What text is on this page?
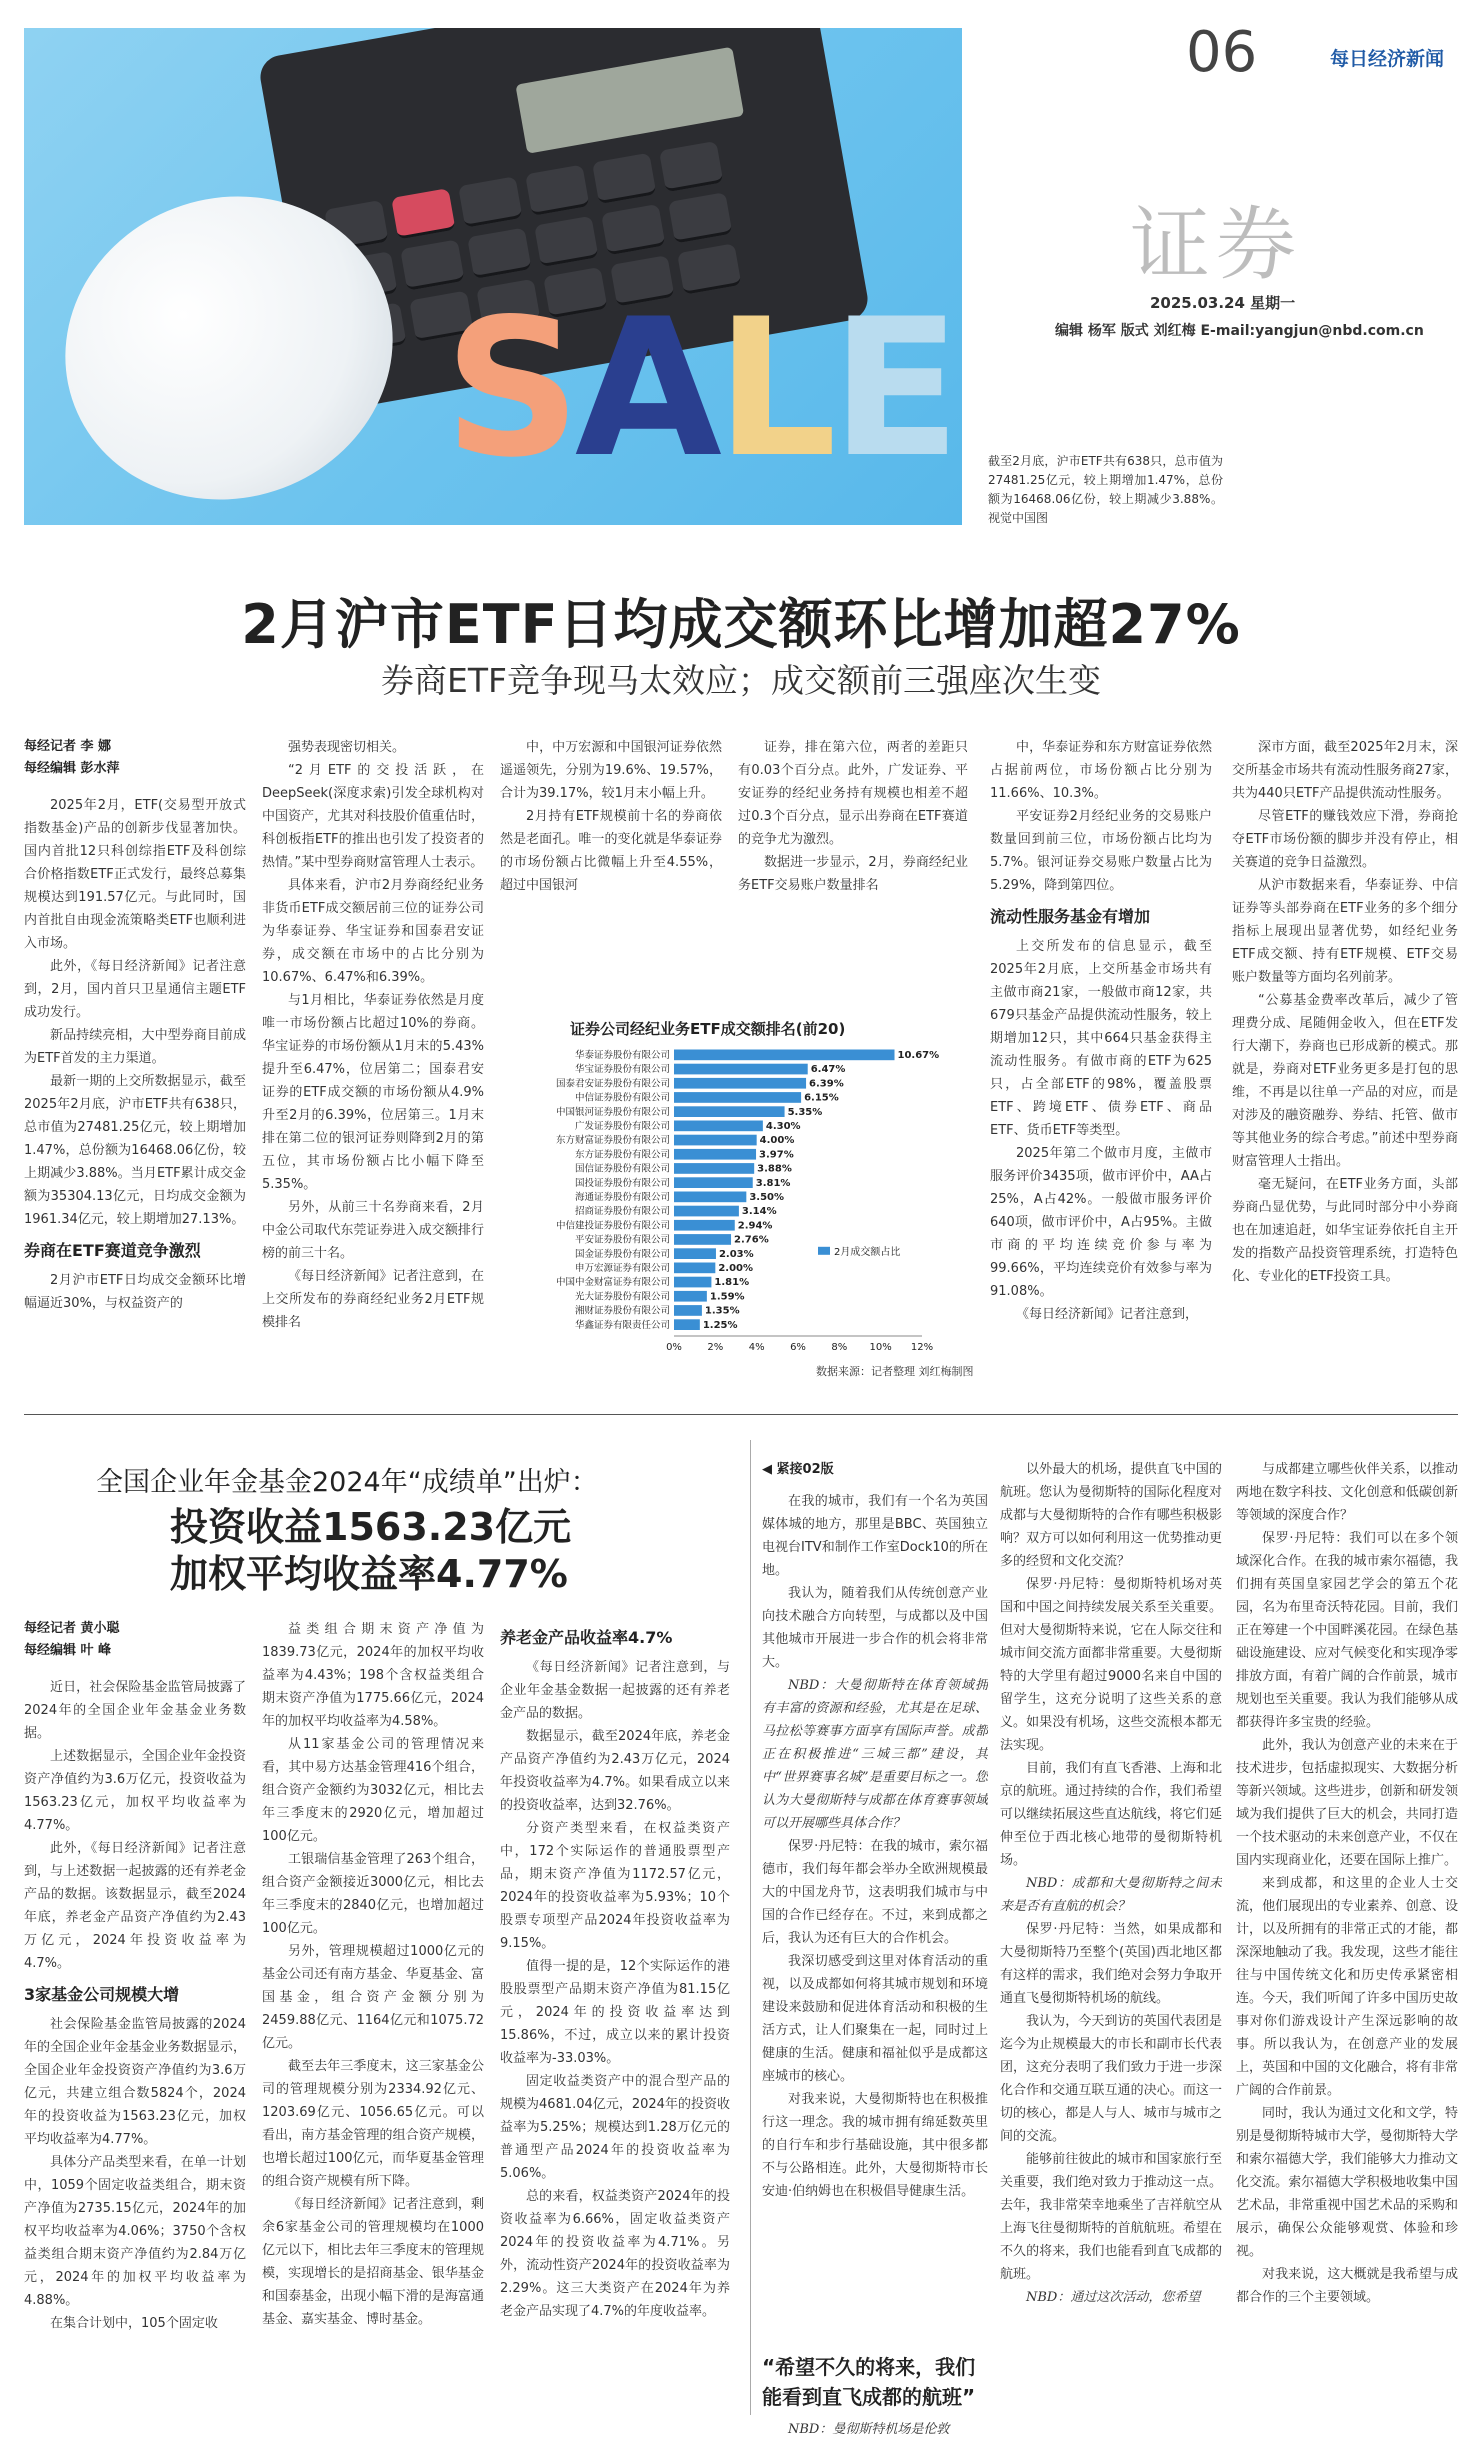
SALE
06	每日经济新闻
证券
2025.03.24 星期一
编辑 杨军 版式 刘红梅 E-mail:yangjun@nbd.com.cn
截至2月底，沪市ETF共有638只，总市值为27481.25亿元，较上期增加1.47%，总份额为16468.06亿份，较上期减少3.88%。 视觉中国图
2月沪市ETF日均成交额环比增加超27%
券商ETF竞争现马太效应；成交额前三强座次生变

每经记者 李 娜

每经编辑 彭水萍

2025年2月，ETF(交易型开放式指数基金)产品的创新步伐显著加快。国内首批12只科创综指ETF及科创综合价格指数ETF正式发行，最终总募集规模达到191.57亿元。与此同时，国内首批自由现金流策略类ETF也顺利进入市场。

此外，《每日经济新闻》记者注意到，2月，国内首只卫星通信主题ETF成功发行。

新品持续亮相，大中型券商目前成为ETF首发的主力渠道。

最新一期的上交所数据显示，截至2025年2月底，沪市ETF共有638只，总市值为27481.25亿元，较上期增加1.47%，总份额为16468.06亿份，较上期减少3.88%。当月ETF累计成交金额为35304.13亿元，日均成交金额为1961.34亿元，较上期增加27.13%。

券商在ETF赛道竞争激烈

2月沪市ETF日均成交金额环比增幅逼近30%，与权益资产的

强势表现密切相关。

“2月ETF的交投活跃，在DeepSeek(深度求索)引发全球机构对中国资产，尤其对科技股价值重估时，科创板指ETF的推出也引发了投资者的热情。”某中型券商财富管理人士表示。

具体来看，沪市2月券商经纪业务非货币ETF成交额居前三位的证券公司为华泰证券、华宝证券和国泰君安证券，成交额在市场中的占比分别为10.67%、6.47%和6.39%。

与1月相比，华泰证券依然是月度唯一市场份额占比超过10%的券商。华宝证券的市场份额从1月末的5.43%提升至6.47%，位居第二；国泰君安证券的ETF成交额的市场份额从4.9%升至2月的6.39%，位居第三。1月末排在第二位的银河证券则降到2月的第五位，其市场份额占比小幅下降至5.35%。

另外，从前三十名券商来看，2月中金公司取代东莞证券进入成交额排行榜的前三十名。

《每日经济新闻》记者注意到，在上交所发布的券商经纪业务2月ETF规模排名

中，中万宏源和中国银河证券依然遥遥领先，分别为19.6%、19.57%，合计为39.17%，较1月末小幅上升。

2月持有ETF规模前十名的券商依然是老面孔。唯一的变化就是华泰证券的市场份额占比微幅上升至4.55%，超过中国银河

证券，排在第六位，两者的差距只有0.03个百分点。此外，广发证券、平安证券的经纪业务持有规模也相差不超过0.3个百分点，显示出券商在ETF赛道的竞争尤为激烈。

数据进一步显示，2月，券商经纪业务ETF交易账户数量排名

中，华泰证券和东方财富证券依然占据前两位，市场份额占比分别为11.66%、10.3%。

平安证券2月经纪业务的交易账户数量回到前三位，市场份额占比均为5.7%。银河证券交易账户数量占比为5.29%，降到第四位。

流动性服务基金有增加

上交所发布的信息显示，截至2025年2月底，上交所基金市场共有主做市商21家，一般做市商12家，共679只基金产品提供流动性服务，较上期增加12只，其中664只基金获得主流动性服务。有做市商的ETF为625只，占全部ETF的98%，覆盖股票ETF、跨境ETF、债券ETF、商品ETF、货币ETF等类型。

2025年第二个做市月度，主做市服务评价3435项，做市评价中，AA占25%，A占42%。一般做市服务评价640项，做市评价中，A占95%。主做市商的平均连续竞价参与率为99.66%，平均连续竞价有效参与率为91.08%。

《每日经济新闻》记者注意到，

深市方面，截至2025年2月末，深交所基金市场共有流动性服务商27家，共为440只ETF产品提供流动性服务。

尽管ETF的赚钱效应下滑，券商抢夺ETF市场份额的脚步并没有停止，相关赛道的竞争日益激烈。

从沪市数据来看，华泰证券、中信证券等头部券商在ETF业务的多个细分指标上展现出显著优势，如经纪业务ETF成交额、持有ETF规模、ETF交易账户数量等方面均名列前茅。

“公募基金费率改革后，减少了管理费分成、尾随佣金收入，但在ETF发行大潮下，券商也已形成新的模式。那就是，券商对ETF业务更多是打包的思维，不再是以往单一产品的对应，而是对涉及的融资融券、券结、托管、做市等其他业务的综合考虑。”前述中型券商财富管理人士指出。

毫无疑问，在ETF业务方面，头部券商凸显优势，与此同时部分中小券商也在加速追赶，如华宝证券依托自主开发的指数产品投资管理系统，打造特色化、专业化的ETF投资工具。

证券公司经纪业务ETF成交额排名(前20)
华泰证券股份有限公司	10.67%
华宝证券股份有限公司	6.47%
国泰君安证券股份有限公司	6.39%
中信证券股份有限公司	6.15%
中国银河证券股份有限公司	5.35%
广发证券股份有限公司	4.30%
东方财富证券股份有限公司	4.00%
东方证券股份有限公司	3.97%
国信证券股份有限公司	3.88%
国投证券股份有限公司	3.81%
海通证券股份有限公司	3.50%
招商证券股份有限公司	3.14%
中信建投证券股份有限公司	2.94%
平安证券股份有限公司	2.76%
国金证券股份有限公司	2.03%
申万宏源证券有限公司	2.00%
中国中金财富证券有限公司	1.81%
光大证券股份有限公司	1.59%
湘财证券股份有限公司	1.35%
华鑫证券有限责任公司	1.25%
0%	2%	4%	6%	8% 10% 12%
2月成交额占比
数据来源：记者整理 刘红梅制图
全国企业年金基金2024年“成绩单”出炉：
投资收益1563.23亿元
加权平均收益率4.77%

每经记者 黄小聪

每经编辑 叶 峰

近日，社会保险基金监管局披露了2024年的全国企业年金基金业务数据。

上述数据显示，全国企业年金投资资产净值约为3.6万亿元，投资收益为1563.23亿元，加权平均收益率为4.77%。

此外，《每日经济新闻》记者注意到，与上述数据一起披露的还有养老金产品的数据。该数据显示，截至2024年底，养老金产品资产净值约为2.43万亿元，2024年投资收益率为4.7%。

3家基金公司规模大增

社会保险基金监管局披露的2024年的全国企业年金基金业务数据显示，全国企业年金投资资产净值约为3.6万亿元，共建立组合数5824个，2024年的投资收益为1563.23亿元，加权平均收益率为4.77%。

具体分产品类型来看，在单一计划中，1059个固定收益类组合，期末资产净值为2735.15亿元，2024年的加权平均收益率为4.06%；3750个含权益类组合期末资产净值约为2.84万亿元，2024年的加权平均收益率为4.88%。

在集合计划中，105个固定收

益类组合期末资产净值为1839.73亿元，2024年的加权平均收益率为4.43%；198个含权益类组合期末资产净值为1775.66亿元，2024年的加权平均收益率为4.58%。

从11家基金公司的管理情况来看，其中易方达基金管理416个组合，组合资产金额约为3032亿元，相比去年三季度末的2920亿元，增加超过100亿元。

工银瑞信基金管理了263个组合，组合资产金额接近3000亿元，相比去年三季度末的2840亿元，也增加超过100亿元。

另外，管理规模超过1000亿元的基金公司还有南方基金、华夏基金、富国基金，组合资产金额分别为2459.88亿元、1164亿元和1075.72亿元。

截至去年三季度末，这三家基金公司的管理规模分别为2334.92亿元、1203.69亿元、1056.65亿元。可以看出，南方基金管理的组合资产规模，也增长超过100亿元，而华夏基金管理的组合资产规模有所下降。

《每日经济新闻》记者注意到，剩余6家基金公司的管理规模均在1000亿元以下，相比去年三季度末的管理规模，实现增长的是招商基金、银华基金和国泰基金，出现小幅下滑的是海富通基金、嘉实基金、博时基金。

养老金产品收益率4.7%

《每日经济新闻》记者注意到，与企业年金基金数据一起披露的还有养老金产品的数据。

数据显示，截至2024年底，养老金产品资产净值约为2.43万亿元，2024年投资收益率为4.7%。如果看成立以来的投资收益率，达到32.76%。

分资产类型来看，在权益类资产中，172个实际运作的普通股票型产品，期末资产净值为1172.57亿元，2024年的投资收益率为5.93%；10个股票专项型产品2024年投资收益率为9.15%。

值得一提的是，12个实际运作的港股股票型产品期末资产净值为81.15亿元，2024年的投资收益率达到15.86%，不过，成立以来的累计投资收益率为-33.03%。

固定收益类资产中的混合型产品的规模为4681.04亿元，2024年的投资收益率为5.25%；规模达到1.28万亿元的普通型产品2024年的投资收益率为5.06%。

总的来看，权益类资产2024年的投资收益率为6.66%，固定收益类资产2024年的投资收益率为4.71%。另外，流动性资产2024年的投资收益率为2.29%。这三大类资产在2024年为养老金产品实现了4.7%的年度收益率。

◀ 紧接02版

在我的城市，我们有一个名为英国媒体城的地方，那里是BBC、英国独立电视台ITV和制作工作室Dock10的所在地。

我认为，随着我们从传统创意产业向技术融合方向转型，与成都以及中国其他城市开展进一步合作的机会将非常大。

NBD：大曼彻斯特在体育领域拥有丰富的资源和经验，尤其是在足球、马拉松等赛事方面享有国际声誉。成都正在积极推进“三城三都”建设，其中“世界赛事名城”是重要目标之一。您认为大曼彻斯特与成都在体育赛事领域可以开展哪些具体合作？

保罗·丹尼特：在我的城市，索尔福德市，我们每年都会举办全欧洲规模最大的中国龙舟节，这表明我们城市与中国的合作已经存在。不过，来到成都之后，我认为还有巨大的合作机会。

我深切感受到这里对体育活动的重视，以及成都如何将其城市规划和环境建设来鼓励和促进体育活动和积极的生活方式，让人们聚集在一起，同时过上健康的生活。健康和福祉似乎是成都这座城市的核心。

对我来说，大曼彻斯特也在积极推行这一理念。我的城市拥有绵延数英里的自行车和步行基础设施，其中很多都不与公路相连。此外，大曼彻斯特市长安迪·伯纳姆也在积极倡导健康生活。

“希望不久的将来，我们能看到直飞成都的航班”

NBD：曼彻斯特机场是伦敦

以外最大的机场，提供直飞中国的航班。您认为曼彻斯特的国际化程度对成都与大曼彻斯特的合作有哪些积极影响？双方可以如何利用这一优势推动更多的经贸和文化交流？

保罗·丹尼特：曼彻斯特机场对英国和中国之间持续发展关系至关重要。但对大曼彻斯特来说，它在人际交往和城市间交流方面都非常重要。大曼彻斯特的大学里有超过9000名来自中国的留学生，这充分说明了这些关系的意义。如果没有机场，这些交流根本都无法实现。

目前，我们有直飞香港、上海和北京的航班。通过持续的合作，我们希望可以继续拓展这些直达航线，将它们延伸至位于西北核心地带的曼彻斯特机场。

NBD：成都和大曼彻斯特之间未来是否有直航的机会？

保罗·丹尼特：当然，如果成都和大曼彻斯特乃至整个(英国)西北地区都有这样的需求，我们绝对会努力争取开通直飞曼彻斯特机场的航线。

我认为，今天到访的英国代表团是迄今为止规模最大的市长和副市长代表团，这充分表明了我们致力于进一步深化合作和交通互联互通的决心。而这一切的核心，都是人与人、城市与城市之间的交流。

能够前往彼此的城市和国家旅行至关重要，我们绝对致力于推动这一点。去年，我非常荣幸地乘坐了吉祥航空从上海飞往曼彻斯特的首航航班。希望在不久的将来，我们也能看到直飞成都的航班。

NBD：通过这次活动，您希望

与成都建立哪些伙伴关系，以推动两地在数字科技、文化创意和低碳创新等领域的深度合作？

保罗·丹尼特：我们可以在多个领域深化合作。在我的城市索尔福德，我们拥有英国皇家园艺学会的第五个花园，名为布里奇沃特花园。目前，我们正在筹建一个中国畔溪花园。在绿色基础设施建设、应对气候变化和实现净零排放方面，有着广阔的合作前景，城市规划也至关重要。我认为我们能够从成都获得许多宝贵的经验。

此外，我认为创意产业的未来在于技术进步，包括虚拟现实、大数据分析等新兴领域。这些进步，创新和研发领域为我们提供了巨大的机会，共同打造一个技术驱动的未来创意产业，不仅在国内实现商业化，还要在国际上推广。

来到成都，和这里的企业人士交流，他们展现出的专业素养、创意、设计，以及所拥有的非常正式的才能，都深深地触动了我。我发现，这些才能往往与中国传统文化和历史传承紧密相连。今天，我们听闻了许多中国历史故事对你们游戏设计产生深远影响的故事。所以我认为，在创意产业的发展上，英国和中国的文化融合，将有非常广阔的合作前景。

同时，我认为通过文化和文学，特别是曼彻斯特城市大学，曼彻斯特大学和索尔福德大学，我们能够大力推动文化交流。索尔福德大学积极地收集中国艺术品，非常重视中国艺术品的采购和展示，确保公众能够观赏、体验和珍视。

对我来说，这大概就是我希望与成都合作的三个主要领域。
